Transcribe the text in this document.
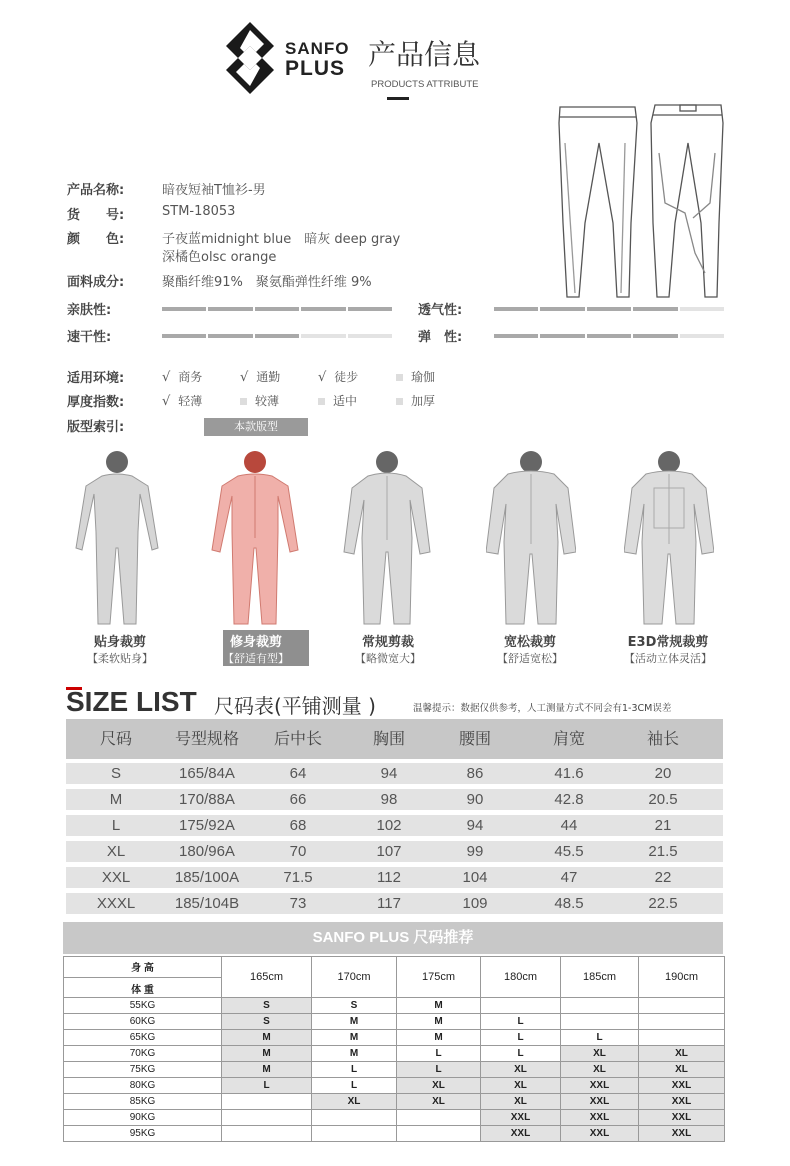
SANFO
PLUS 产品信息
PRODUCTS ATTRIBUTE
产品名称:	暗夜短袖T恤衫-男
货　　号:	STM-18053
颜　　色:	子夜蓝midnight blue　暗灰 deep gray
深橘色olsc orange
面料成分:	聚酯纤维91%　聚氨酯弹性纤维 9%
亲肤性:	透气性:
速干性:	弹　性:
适用环境:	√ 商务	√ 通勤	√ 徒步	瑜伽
厚度指数:	√ 轻薄	较薄	适中	加厚
版型索引:	本款版型
贴身裁剪
【柔软贴身】
修身裁剪
【舒适有型】
常规剪裁
【略微宽大】
宽松裁剪
【舒适宽松】
E3D常规裁剪
【活动立体灵活】
SIZE LIST 尺码表(平铺测量 )	温馨提示：数据仅供参考，人工测量方式不同会有1-3CM误差
尺码	号型规格	后中长	胸围	腰围	肩宽	袖长
S	165/84A	64	94	86	41.6	20
M	170/88A	66	98	90	42.8	20.5
L	175/92A	68	102	94	44	21
XL	180/96A	70	107	99	45.5	21.5
XXL	185/100A	71.5	112	104	47	22
XXXL	185/104B	73	117	109	48.5	22.5
SANFO PLUS 尺码推荐
身 高
体 重	165cm	170cm	175cm	180cm	185cm	190cm
55KG	S	S	M			
60KG	S	M	M	L		
65KG	M	M	M	L	L	
70KG	M	M	L	L	XL	XL
75KG	M	L	L	XL	XL	XL
80KG	L	L	XL	XL	XXL	XXL
85KG		XL	XL	XL	XXL	XXL
90KG				XXL	XXL	XXL
95KG				XXL	XXL	XXL
